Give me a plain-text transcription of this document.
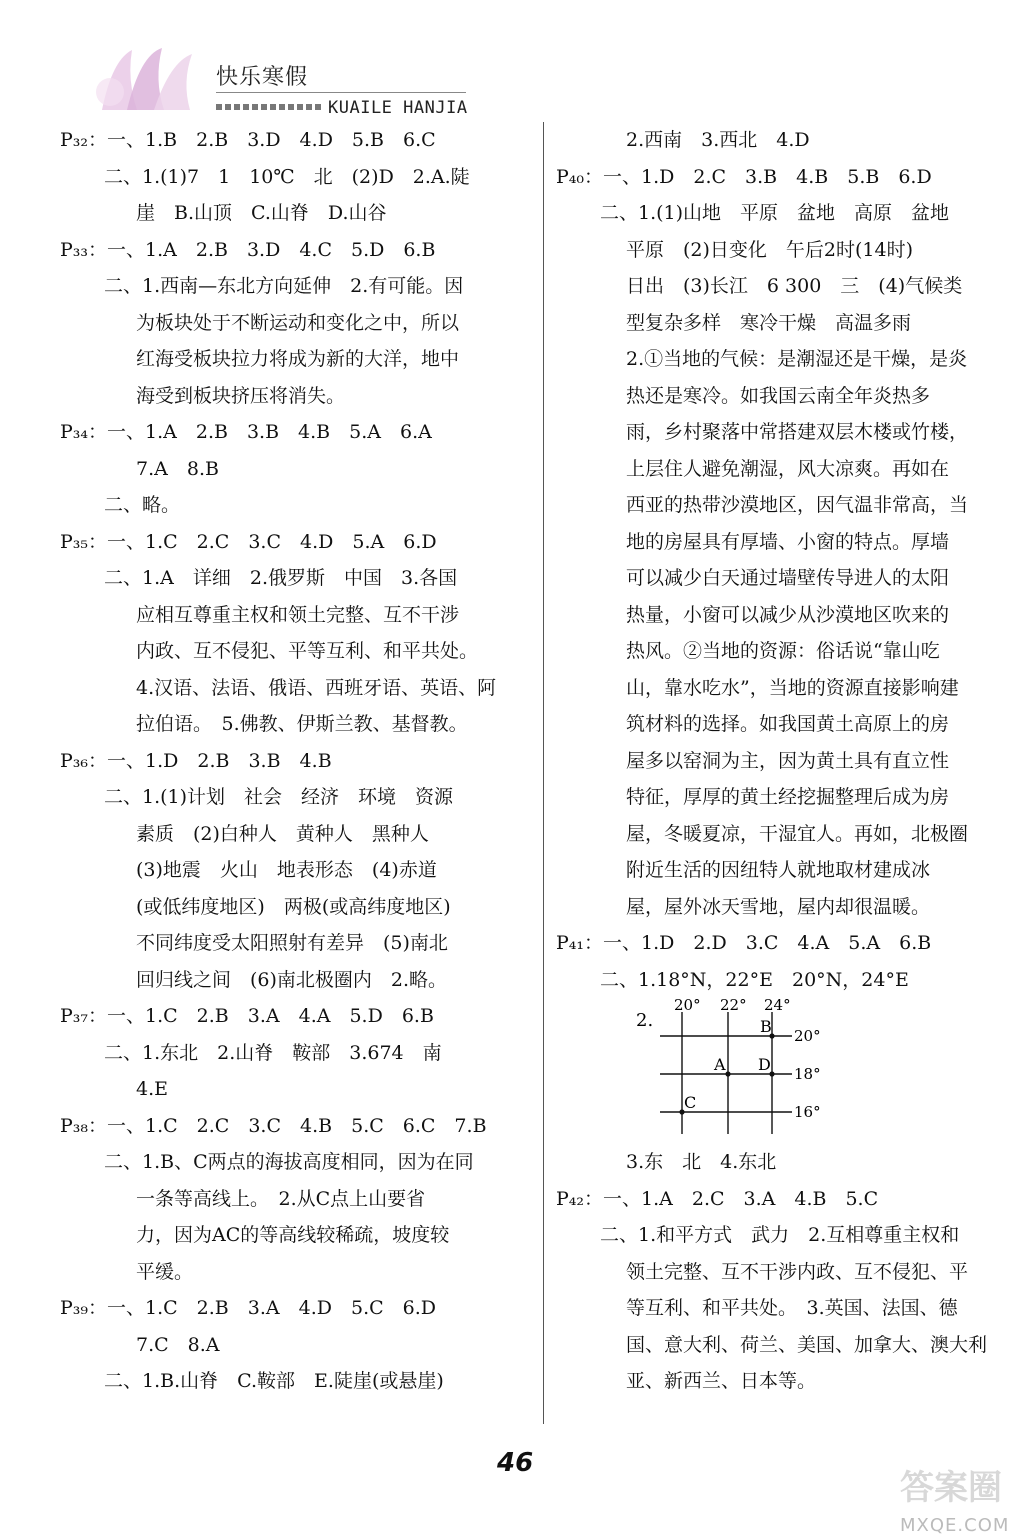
快乐寒假
KUAILE HANJIA
P₃₂：一、1.B　2.B　3.D　4.D　5.B　6.C
二、1.(1)7　1　10℃　北　(2)D　2.A.陡
崖　B.山顶　C.山脊　D.山谷
P₃₃：一、1.A　2.B　3.D　4.C　5.D　6.B
二、1.西南—东北方向延伸　2.有可能。因
为板块处于不断运动和变化之中，所以
红海受板块拉力将成为新的大洋，地中
海受到板块挤压将消失。
P₃₄：一、1.A　2.B　3.B　4.B　5.A　6.A
7.A　8.B
二、略。
P₃₅：一、1.C　2.C　3.C　4.D　5.A　6.D
二、1.A　详细　2.俄罗斯　中国　3.各国
应相互尊重主权和领土完整、互不干涉
内政、互不侵犯、平等互利、和平共处。
4.汉语、法语、俄语、西班牙语、英语、阿
拉伯语。　5.佛教、伊斯兰教、基督教。
P₃₆：一、1.D　2.B　3.B　4.B
二、1.(1)计划　社会　经济　环境　资源
素质　(2)白种人　黄种人　黑种人
(3)地震　火山　地表形态　(4)赤道
(或低纬度地区)　两极(或高纬度地区)
不同纬度受太阳照射有差异　(5)南北
回归线之间　(6)南北极圈内　2.略。
P₃₇：一、1.C　2.B　3.A　4.A　5.D　6.B
二、1.东北　2.山脊　鞍部　3.674　南
4.E
P₃₈：一、1.C　2.C　3.C　4.B　5.C　6.C　7.B
二、1.B、C两点的海拔高度相同，因为在同
一条等高线上。　2.从C点上山要省
力，因为AC的等高线较稀疏，坡度较
平缓。
P₃₉：一、1.C　2.B　3.A　4.D　5.C　6.D
7.C　8.A
二、1.B.山脊　C.鞍部　E.陡崖(或悬崖)
2.西南　3.西北　4.D
P₄₀：一、1.D　2.C　3.B　4.B　5.B　6.D
二、1.(1)山地　平原　盆地　高原　盆地
平原　(2)日变化　午后2时(14时)
日出　(3)长江　6 300　三　(4)气候类
型复杂多样　寒冷干燥　高温多雨
2.①当地的气候：是潮湿还是干燥，是炎
热还是寒冷。如我国云南全年炎热多
雨，乡村聚落中常搭建双层木楼或竹楼，
上层住人避免潮湿，风大凉爽。再如在
西亚的热带沙漠地区，因气温非常高，当
地的房屋具有厚墙、小窗的特点。厚墙
可以减少白天通过墙壁传导进人的太阳
热量，小窗可以减少从沙漠地区吹来的
热风。②当地的资源：俗话说“靠山吃
山，靠水吃水”，当地的资源直接影响建
筑材料的选择。如我国黄土高原上的房
屋多以窑洞为主，因为黄土具有直立性
特征，厚厚的黄土经挖掘整理后成为房
屋，冬暖夏凉，干湿宜人。再如，北极圈
附近生活的因纽特人就地取材建成冰
屋，屋外冰天雪地，屋内却很温暖。
P₄₁：一、1.D　2.D　3.C　4.A　5.A　6.B
二、1.18°N，22°E　20°N，24°E
3.东　北　4.东北
P₄₂：一、1.A　2.C　3.A　4.B　5.C
二、1.和平方式　武力　2.互相尊重主权和
领土完整、互不干涉内政、互不侵犯、平
等互利、和平共处。　3.英国、法国、德
国、意大利、荷兰、美国、加拿大、澳大利
亚、新西兰、日本等。
2.
20° 22° 24°
20°
18°
16°
B
A D
C
46
答案圈
MXQE.COM
